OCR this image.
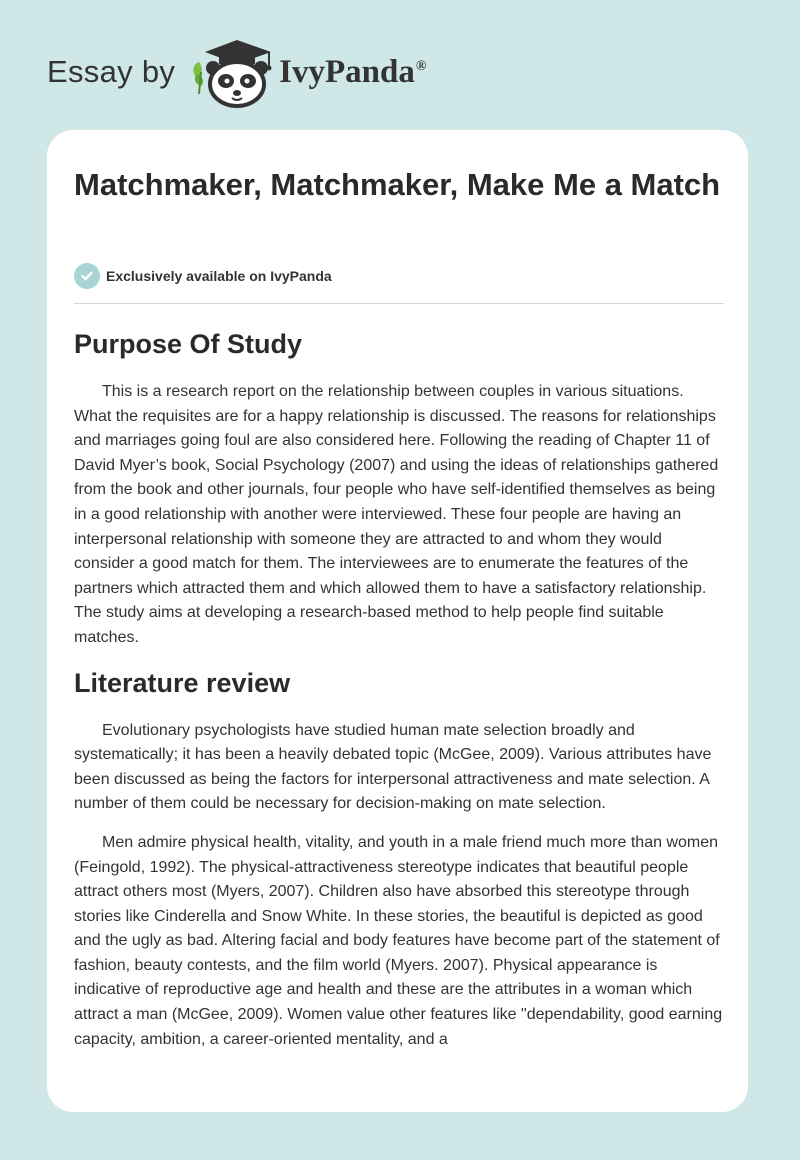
Essay by	IvyPanda®
Matchmaker, Matchmaker, Make Me a Match
Exclusively available on IvyPanda
Purpose Of Study

This is a research report on the relationship between couples in various situations. What the requisites are for a happy relationship is discussed. The reasons for relationships and marriages going foul are also considered here. Following the reading of Chapter 11 of David Myer’s book, Social Psychology (2007) and using the ideas of relationships gathered from the book and other journals, four people who have self-identified themselves as being in a good relationship with another were interviewed. These four people are having an interpersonal relationship with someone they are attracted to and whom they would consider a good match for them. The interviewees are to enumerate the features of the partners which attracted them and which allowed them to have a satisfactory relationship. The study aims at developing a research-based method to help people find suitable matches.

Literature review

Evolutionary psychologists have studied human mate selection broadly and systematically; it has been a heavily debated topic (McGee, 2009). Various attributes have been discussed as being the factors for interpersonal attractiveness and mate selection. A number of them could be necessary for decision-making on mate selection.

Men admire physical health, vitality, and youth in a male friend much more than women (Feingold, 1992). The physical-attractiveness stereotype indicates that beautiful people attract others most (Myers, 2007). Children also have absorbed this stereotype through stories like Cinderella and Snow White. In these stories, the beautiful is depicted as good and the ugly as bad. Altering facial and body features have become part of the statement of fashion, beauty contests, and the film world (Myers. 2007). Physical appearance is indicative of reproductive age and health and these are the attributes in a woman which attract a man (McGee, 2009). Women value other features like "dependability, good earning capacity, ambition, a career-oriented mentality, and a
